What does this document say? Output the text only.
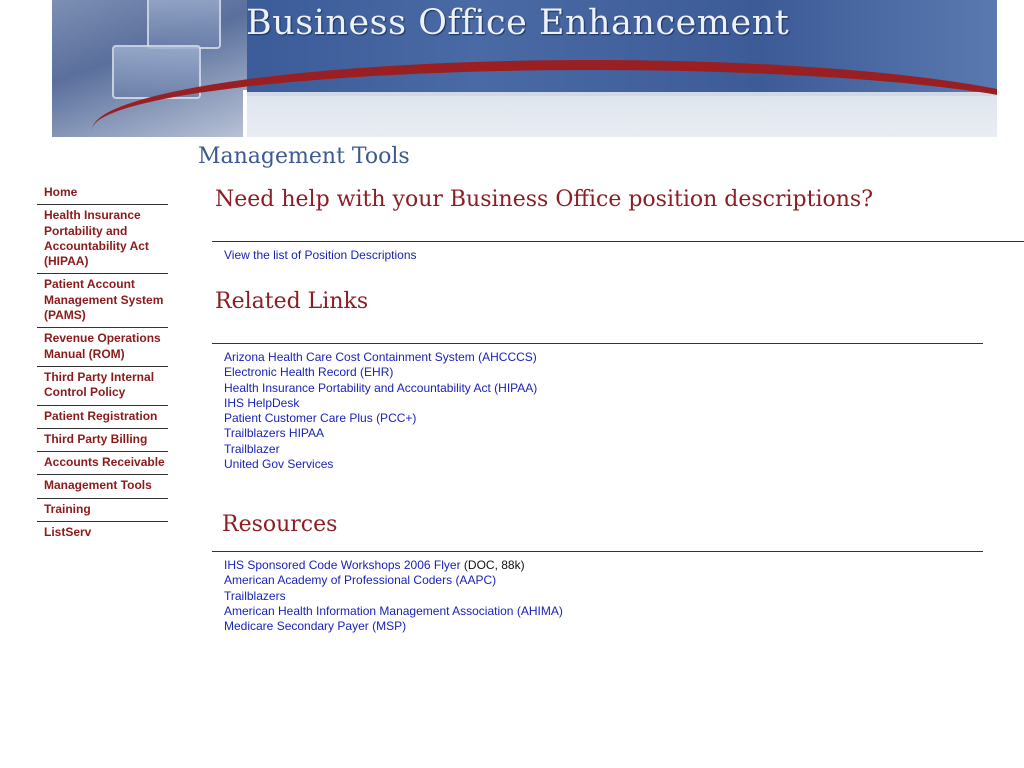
Business Office Enhancement
Management Tools
Home
Health Insurance Portability and Accountability Act (HIPAA)
Patient Account Management System (PAMS)
Revenue Operations Manual (ROM)
Third Party Internal Control Policy
Patient Registration
Third Party Billing
Accounts Receivable
Management Tools
Training
ListServ
Need help with your Business Office position descriptions?
View the list of Position Descriptions
Related Links
Arizona Health Care Cost Containment System (AHCCCS)
Electronic Health Record (EHR)
Health Insurance Portability and Accountability Act (HIPAA)
IHS HelpDesk
Patient Customer Care Plus (PCC+)
Trailblazers HIPAA
Trailblazer
United Gov Services
Resources
IHS Sponsored Code Workshops 2006 Flyer (DOC, 88k)
American Academy of Professional Coders (AAPC)
Trailblazers
American Health Information Management Association (AHIMA)
Medicare Secondary Payer (MSP)
